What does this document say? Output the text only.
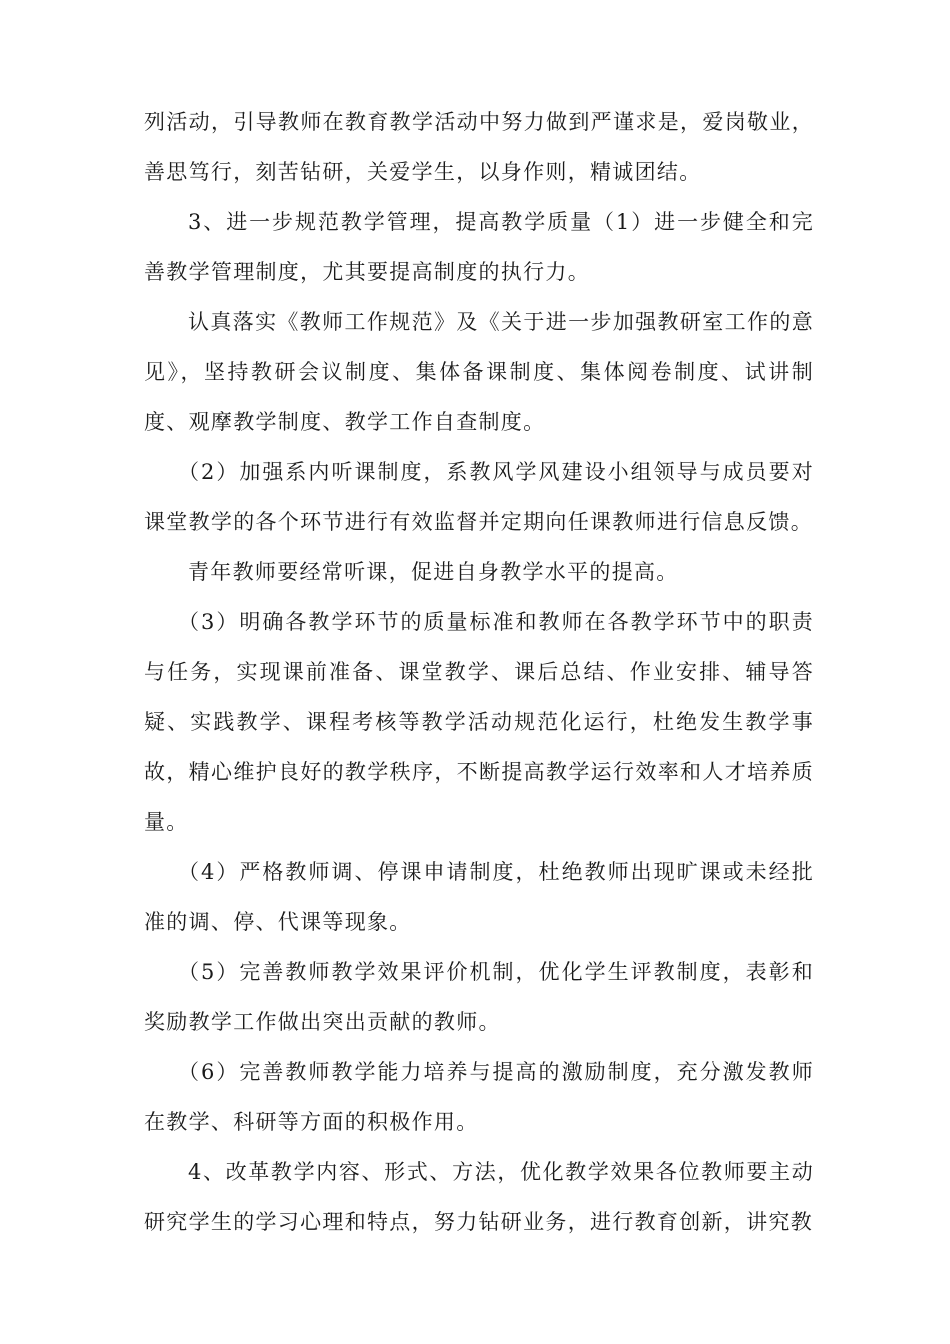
列活动，引导教师在教育教学活动中努力做到严谨求是，爱岗敬业，善思笃行，刻苦钻研，关爱学生，以身作则，精诚团结。

3、进一步规范教学管理，提高教学质量（1）进一步健全和完善教学管理制度，尤其要提高制度的执行力。

认真落实《教师工作规范》及《关于进一步加强教研室工作的意见》，坚持教研会议制度、集体备课制度、集体阅卷制度、试讲制度、观摩教学制度、教学工作自查制度。

（2）加强系内听课制度，系教风学风建设小组领导与成员要对课堂教学的各个环节进行有效监督并定期向任课教师进行信息反馈。

青年教师要经常听课，促进自身教学水平的提高。

（3）明确各教学环节的质量标准和教师在各教学环节中的职责与任务，实现课前准备、课堂教学、课后总结、作业安排、辅导答疑、实践教学、课程考核等教学活动规范化运行，杜绝发生教学事故，精心维护良好的教学秩序，不断提高教学运行效率和人才培养质量。

（4）严格教师调、停课申请制度，杜绝教师出现旷课或未经批准的调、停、代课等现象。

（5）完善教师教学效果评价机制，优化学生评教制度，表彰和奖励教学工作做出突出贡献的教师。

（6）完善教师教学能力培养与提高的激励制度，充分激发教师在教学、科研等方面的积极作用。

4、改革教学内容、形式、方法，优化教学效果各位教师要主动研究学生的学习心理和特点，努力钻研业务，进行教育创新，讲究教
